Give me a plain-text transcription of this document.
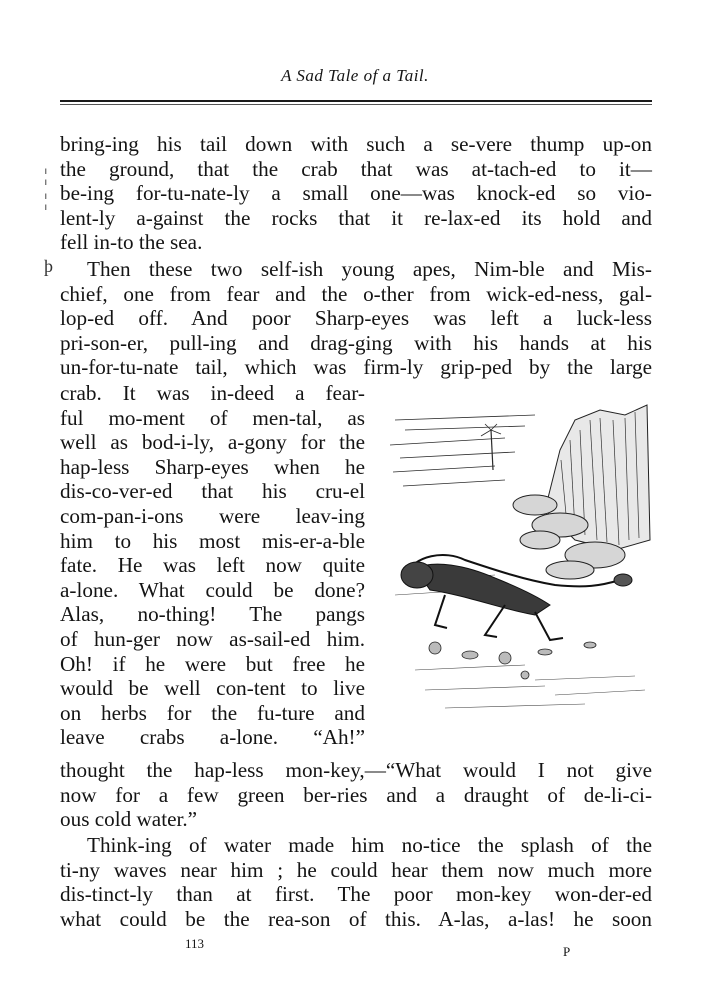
A Sad Tale of a Tail.
¦
¦
þ
bring-ing his tail down with such a se-vere thump up-on
the ground, that the crab that was at-tach-ed to it—
be-ing for-tu-nate-ly a small one—was knock-ed so vio-
lent-ly a-gainst the rocks that it re-lax-ed its hold and
fell in-to the sea.
Then these two self-ish young apes, Nim-ble and Mis-
chief, one from fear and the o-ther from wick-ed-ness, gal-
lop-ed off. And poor Sharp-eyes was left a luck-less
pri-son-er, pull-ing and drag-ging with his hands at his
un-for-tu-nate tail, which was firm-ly grip-ped by the large
crab. It was in-deed a fear-
ful mo-ment of men-tal, as
well as bod-i-ly, a-gony for the
hap-less Sharp-eyes when he
dis-co-ver-ed that his cru-el
com-pan-i-ons were leav-ing
him to his most mis-er-a-ble
fate. He was left now quite
a-lone. What could be done?
Alas, no-thing! The pangs
of hun-ger now as-sail-ed him.
Oh! if he were but free he
would be well con-tent to live
on herbs for the fu-ture and
leave crabs a-lone. “Ah!”
thought the hap-less mon-key,—“What would I not give
now for a few green ber-ries and a draught of de-li-ci-
ous cold water.”
Think-ing of water made him no-tice the splash of the
ti-ny waves near him ; he could hear them now much more
dis-tinct-ly than at first. The poor mon-key won-der-ed
what could be the rea-son of this. A-las, a-las! he soon
113
P
